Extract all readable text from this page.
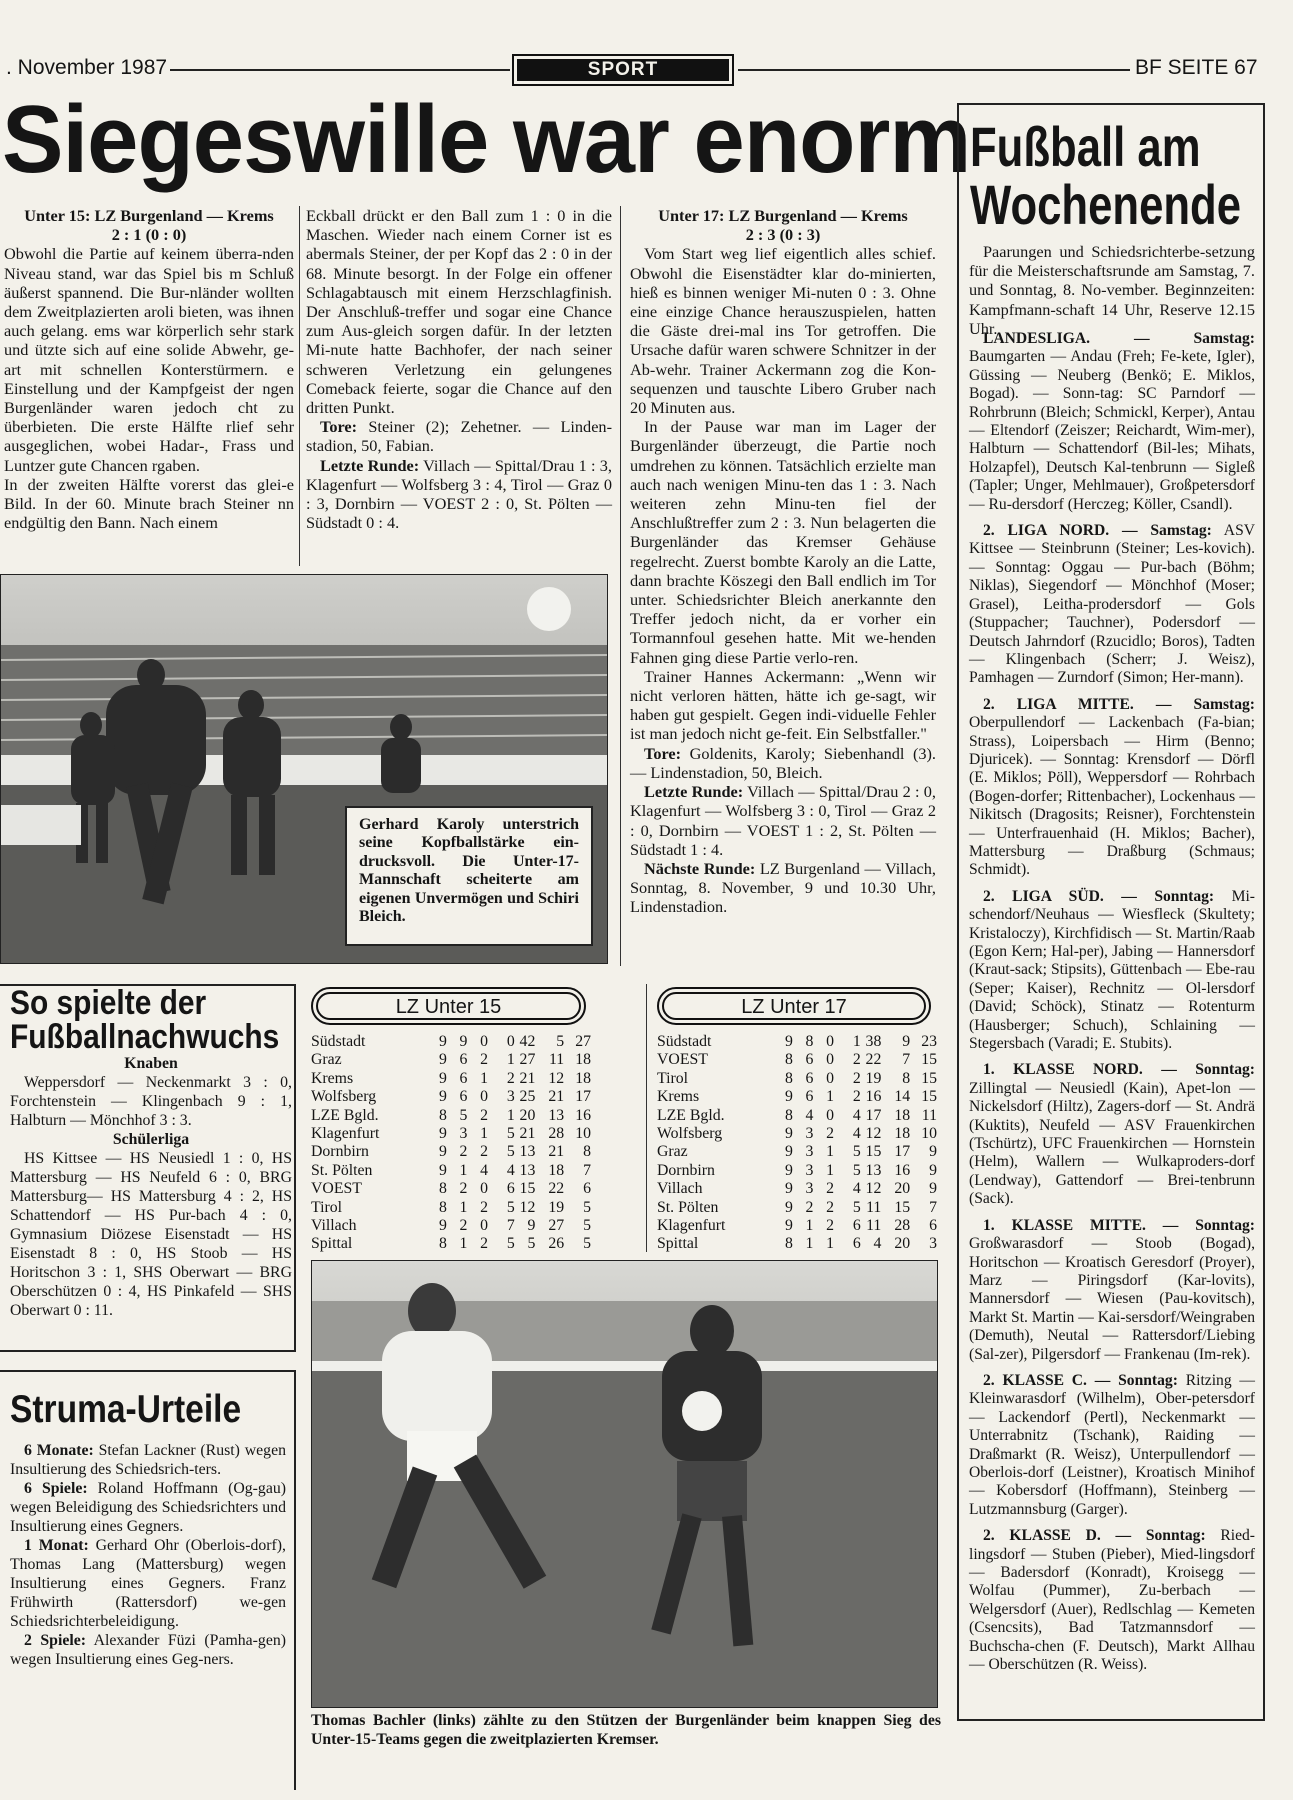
. November 1987	SPORT	BF SEITE 67
Siegeswille war enorm

Unter 15: LZ Burgenland — Krems

2 : 1 (0 : 0)

Obwohl die Partie auf keinem überra-nden Niveau stand, war das Spiel bis m Schluß äußerst spannend. Die Bur-nländer wollten dem Zweitplazierten aroli bieten, was ihnen auch gelang. ems war körperlich sehr stark und ützte sich auf eine solide Abwehr, ge-art mit schnellen Konterstürmern. e Einstellung und der Kampfgeist der ngen Burgenländer waren jedoch cht zu überbieten. Die erste Hälfte rlief sehr ausgeglichen, wobei Hadar-, Frass und Luntzer gute Chancen rgaben.

In der zweiten Hälfte vorerst das glei-e Bild. In der 60. Minute brach Steiner nn endgültig den Bann. Nach einem

Eckball drückt er den Ball zum 1 : 0 in die Maschen. Wieder nach einem Corner ist es abermals Steiner, der per Kopf das 2 : 0 in der 68. Minute besorgt. In der Folge ein offener Schlagabtausch mit einem Herzschlagfinish. Der Anschluß-treffer und sogar eine Chance zum Aus-gleich sorgen dafür. In der letzten Mi-nute hatte Bachhofer, der nach seiner schweren Verletzung ein gelungenes Comeback feierte, sogar die Chance auf den dritten Punkt.

Tore: Steiner (2); Zehetner. — Linden-stadion, 50, Fabian.

Letzte Runde: Villach — Spittal/Drau 1 : 3, Klagenfurt — Wolfsberg 3 : 4, Tirol — Graz 0 : 3, Dornbirn — VOEST 2 : 0, St. Pölten — Südstadt 0 : 4.

Unter 17: LZ Burgenland — Krems

2 : 3 (0 : 3)

Vom Start weg lief eigentlich alles schief. Obwohl die Eisenstädter klar do-minierten, hieß es binnen weniger Mi-nuten 0 : 3. Ohne eine einzige Chance herauszuspielen, hatten die Gäste drei-mal ins Tor getroffen. Die Ursache dafür waren schwere Schnitzer in der Ab-wehr. Trainer Ackermann zog die Kon-sequenzen und tauschte Libero Gruber nach 20 Minuten aus.

In der Pause war man im Lager der Burgenländer überzeugt, die Partie noch umdrehen zu können. Tatsächlich erzielte man auch nach wenigen Minu-ten das 1 : 3. Nach weiteren zehn Minu-ten fiel der Anschlußtreffer zum 2 : 3. Nun belagerten die Burgenländer das Kremser Gehäuse regelrecht. Zuerst bombte Karoly an die Latte, dann brachte Köszegi den Ball endlich im Tor unter. Schiedsrichter Bleich anerkannte den Treffer jedoch nicht, da er vorher ein Tormannfoul gesehen hatte. Mit we-henden Fahnen ging diese Partie verlo-ren.

Trainer Hannes Ackermann: „Wenn wir nicht verloren hätten, hätte ich ge-sagt, wir haben gut gespielt. Gegen indi-viduelle Fehler ist man jedoch nicht ge-feit. Ein Selbstfaller."

Tore: Goldenits, Karoly; Siebenhandl (3). — Lindenstadion, 50, Bleich.

Letzte Runde: Villach — Spittal/Drau 2 : 0, Klagenfurt — Wolfsberg 3 : 0, Tirol — Graz 2 : 0, Dornbirn — VOEST 1 : 2, St. Pölten — Südstadt 1 : 4.

Nächste Runde: LZ Burgenland — Villach, Sonntag, 8. November, 9 und 10.30 Uhr, Lindenstadion.

Gerhard Karoly unterstrich seine Kopfballstärke ein-drucksvoll. Die Unter-17-Mannschaft scheiterte am eigenen Unvermögen und Schiri Bleich.
So spielte der
Fußballnachwuchs

Knaben

Weppersdorf — Neckenmarkt 3 : 0, Forchtenstein — Klingenbach 9 : 1, Halbturn — Mönchhof 3 : 3.

Schülerliga

HS Kittsee — HS Neusiedl 1 : 0, HS Mattersburg — HS Neufeld 6 : 0, BRG Mattersburg— HS Mattersburg 4 : 2, HS Schattendorf — HS Pur-bach 4 : 0, Gymnasium Diözese Eisenstadt — HS Eisenstadt 8 : 0, HS Stoob — HS Horitschon 3 : 1, SHS Oberwart — BRG Oberschützen 0 : 4, HS Pinkafeld — SHS Oberwart 0 : 11.

Struma-Urteile

6 Monate: Stefan Lackner (Rust) wegen Insultierung des Schiedsrich-ters.

6 Spiele: Roland Hoffmann (Og-gau) wegen Beleidigung des Schiedsrichters und Insultierung eines Gegners.

1 Monat: Gerhard Ohr (Oberlois-dorf), Thomas Lang (Mattersburg) wegen Insultierung eines Gegners. Franz Frühwirth (Rattersdorf) we-gen Schiedsrichterbeleidigung.

2 Spiele: Alexander Füzi (Pamha-gen) wegen Insultierung eines Geg-ners.

LZ Unter 15
Südstadt	9	9	0	0	42	5	27
Graz	9	6	2	1	27	11	18
Krems	9	6	1	2	21	12	18
Wolfsberg	9	6	0	3	25	21	17
LZE Bgld.	8	5	2	1	20	13	16
Klagenfurt	9	3	1	5	21	28	10
Dornbirn	9	2	2	5	13	21	8
St. Pölten	9	1	4	4	13	18	7
VOEST	8	2	0	6	15	22	6
Tirol	8	1	2	5	12	19	5
Villach	9	2	0	7	9	27	5
Spittal	8	1	2	5	5	26	5
LZ Unter 17
Südstadt	9	8	0	1	38	9	23
VOEST	8	6	0	2	22	7	15
Tirol	8	6	0	2	19	8	15
Krems	9	6	1	2	16	14	15
LZE Bgld.	8	4	0	4	17	18	11
Wolfsberg	9	3	2	4	12	18	10
Graz	9	3	1	5	15	17	9
Dornbirn	9	3	1	5	13	16	9
Villach	9	3	2	4	12	20	9
St. Pölten	9	2	2	5	11	15	7
Klagenfurt	9	1	2	6	11	28	6
Spittal	8	1	1	6	4	20	3
Thomas Bachler (links) zählte zu den Stützen der Burgenländer beim knappen Sieg des Unter-15-Teams gegen die zweitplazierten Kremser.
Fußball am
Wochenende

Paarungen und Schiedsrichterbe-setzung für die Meisterschaftsrunde am Samstag, 7. und Sonntag, 8. No-vember. Beginnzeiten: Kampfmann-schaft 14 Uhr, Reserve 12.15 Uhr.

LANDESLIGA. — Samstag: Baumgarten — Andau (Freh; Fe-kete, Igler), Güssing — Neuberg (Benkö; E. Miklos, Bogad). — Sonn-tag: SC Parndorf — Rohrbrunn (Bleich; Schmickl, Kerper), Antau — Eltendorf (Zeiszer; Reichardt, Wim-mer), Halbturn — Schattendorf (Bil-les; Mihats, Holzapfel), Deutsch Kal-tenbrunn — Sigleß (Tapler; Unger, Mehlmauer), Großpetersdorf — Ru-dersdorf (Herczeg; Köller, Csandl).

2. LIGA NORD. — Samstag: ASV Kittsee — Steinbrunn (Steiner; Les-kovich). — Sonntag: Oggau — Pur-bach (Böhm; Niklas), Siegendorf — Mönchhof (Moser; Grasel), Leitha-prodersdorf — Gols (Stuppacher; Tauchner), Podersdorf — Deutsch Jahrndorf (Rzucidlo; Boros), Tadten — Klingenbach (Scherr; J. Weisz), Pamhagen — Zurndorf (Simon; Her-mann).

2. LIGA MITTE. — Samstag: Oberpullendorf — Lackenbach (Fa-bian; Strass), Loipersbach — Hirm (Benno; Djuricek). — Sonntag: Krensdorf — Dörfl (E. Miklos; Pöll), Weppersdorf — Rohrbach (Bogen-dorfer; Rittenbacher), Lockenhaus — Nikitsch (Dragosits; Reisner), Forchtenstein — Unterfrauenhaid (H. Miklos; Bacher), Mattersburg — Draßburg (Schmaus; Schmidt).

2. LIGA SÜD. — Sonntag: Mi-schendorf/Neuhaus — Wiesfleck (Skultety; Kristaloczy), Kirchfidisch — St. Martin/Raab (Egon Kern; Hal-per), Jabing — Hannersdorf (Kraut-sack; Stipsits), Güttenbach — Ebe-rau (Seper; Kaiser), Rechnitz — Ol-lersdorf (David; Schöck), Stinatz — Rotenturm (Hausberger; Schuch), Schlaining — Stegersbach (Varadi; E. Stubits).

1. KLASSE NORD. — Sonntag: Zillingtal — Neusiedl (Kain), Apet-lon — Nickelsdorf (Hiltz), Zagers-dorf — St. Andrä (Kuktits), Neufeld — ASV Frauenkirchen (Tschürtz), UFC Frauenkirchen — Hornstein (Helm), Wallern — Wulkaproders-dorf (Lendway), Gattendorf — Brei-tenbrunn (Sack).

1. KLASSE MITTE. — Sonntag: Großwarasdorf — Stoob (Bogad), Horitschon — Kroatisch Geresdorf (Proyer), Marz — Piringsdorf (Kar-lovits), Mannersdorf — Wiesen (Pau-kovitsch), Markt St. Martin — Kai-sersdorf/Weingraben (Demuth), Neutal — Rattersdorf/Liebing (Sal-zer), Pilgersdorf — Frankenau (Im-rek).

2. KLASSE C. — Sonntag: Ritzing — Kleinwarasdorf (Wilhelm), Ober-petersdorf — Lackendorf (Pertl), Neckenmarkt — Unterrabnitz (Tschank), Raiding — Draßmarkt (R. Weisz), Unterpullendorf — Oberlois-dorf (Leistner), Kroatisch Minihof — Kobersdorf (Hoffmann), Steinberg — Lutzmannsburg (Garger).

2. KLASSE D. — Sonntag: Ried-lingsdorf — Stuben (Pieber), Mied-lingsdorf — Badersdorf (Konradt), Kroisegg — Wolfau (Pummer), Zu-berbach — Welgersdorf (Auer), Redlschlag — Kemeten (Csencsits), Bad Tatzmannsdorf — Buchscha-chen (F. Deutsch), Markt Allhau — Oberschützen (R. Weiss).
